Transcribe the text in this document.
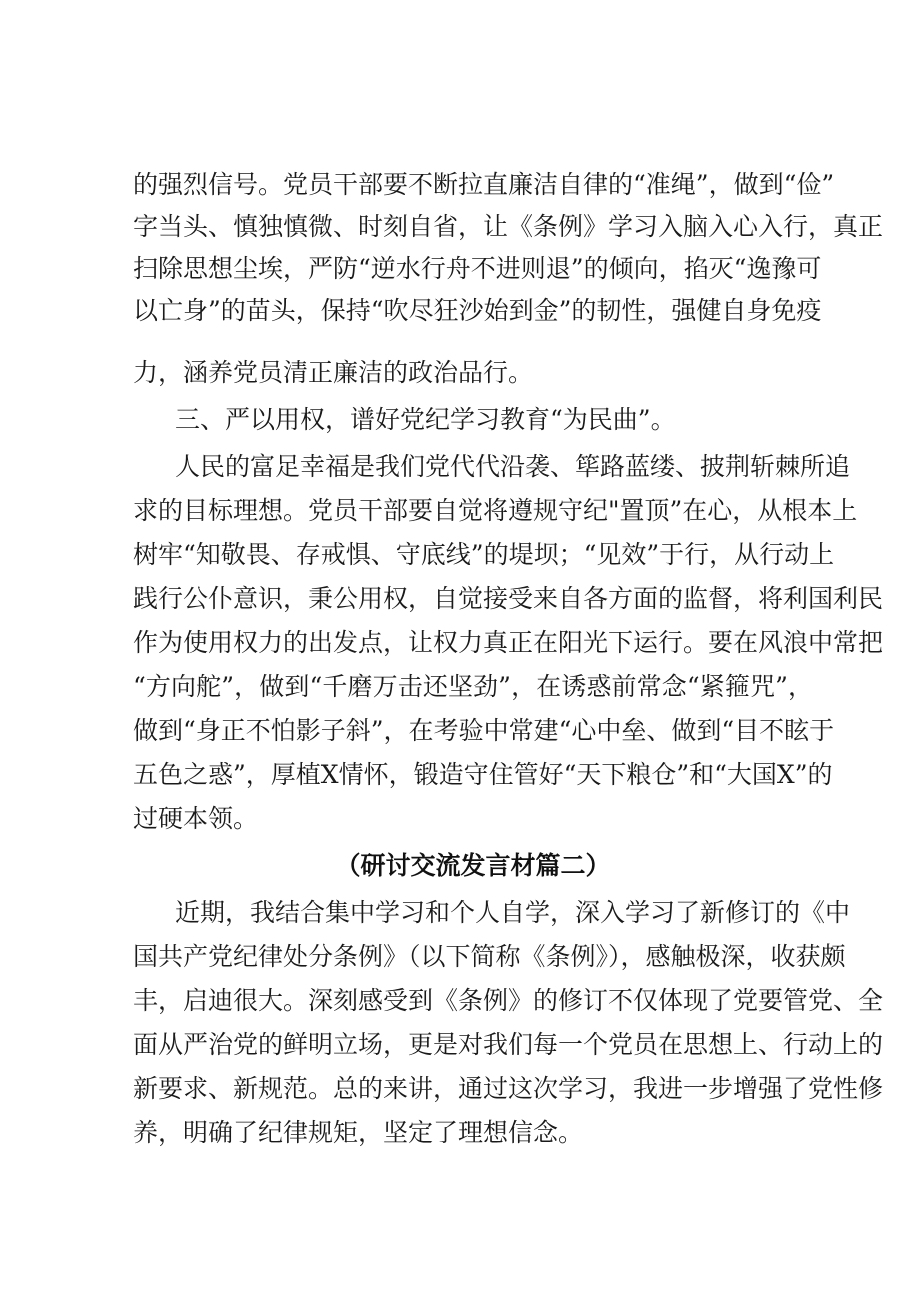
的强烈信号。党员干部要不断拉直廉洁自律的“准绳”，做到“俭”
字当头、慎独慎微、时刻自省，让《条例》学习入脑入心入行，真正
扫除思想尘埃，严防“逆水行舟不进则退”的倾向，掐灭“逸豫可
以亡身”的苗头，保持“吹尽狂沙始到金”的韧性，强健自身免疫
力，涵养党员清正廉洁的政治品行。
三、严以用权，谱好党纪学习教育“为民曲”。
人民的富足幸福是我们党代代沿袭、筚路蓝缕、披荆斩棘所追
求的目标理想。党员干部要自觉将遵规守纪"置顶”在心，从根本上
树牢“知敬畏、存戒惧、守底线”的堤坝；“见效”于行，从行动上
践行公仆意识，秉公用权，自觉接受来自各方面的监督，将利国利民
作为使用权力的出发点，让权力真正在阳光下运行。要在风浪中常把
“方向舵”，做到“千磨万击还坚劲”，在诱惑前常念“紧箍咒”，
做到“身正不怕影子斜”，在考验中常建“心中垒、做到“目不眩于
五色之惑”，厚植X情怀，锻造守住管好“天下粮仓”和“大国X”的
过硬本领。
（研讨交流发言材篇二）
近期，我结合集中学习和个人自学，深入学习了新修订的《中
国共产党纪律处分条例》（以下简称《条例》），感触极深，收获颇
丰，启迪很大。深刻感受到《条例》的修订不仅体现了党要管党、全
面从严治党的鲜明立场，更是对我们每一个党员在思想上、行动上的
新要求、新规范。总的来讲，通过这次学习，我进一步增强了党性修
养，明确了纪律规矩，坚定了理想信念。
